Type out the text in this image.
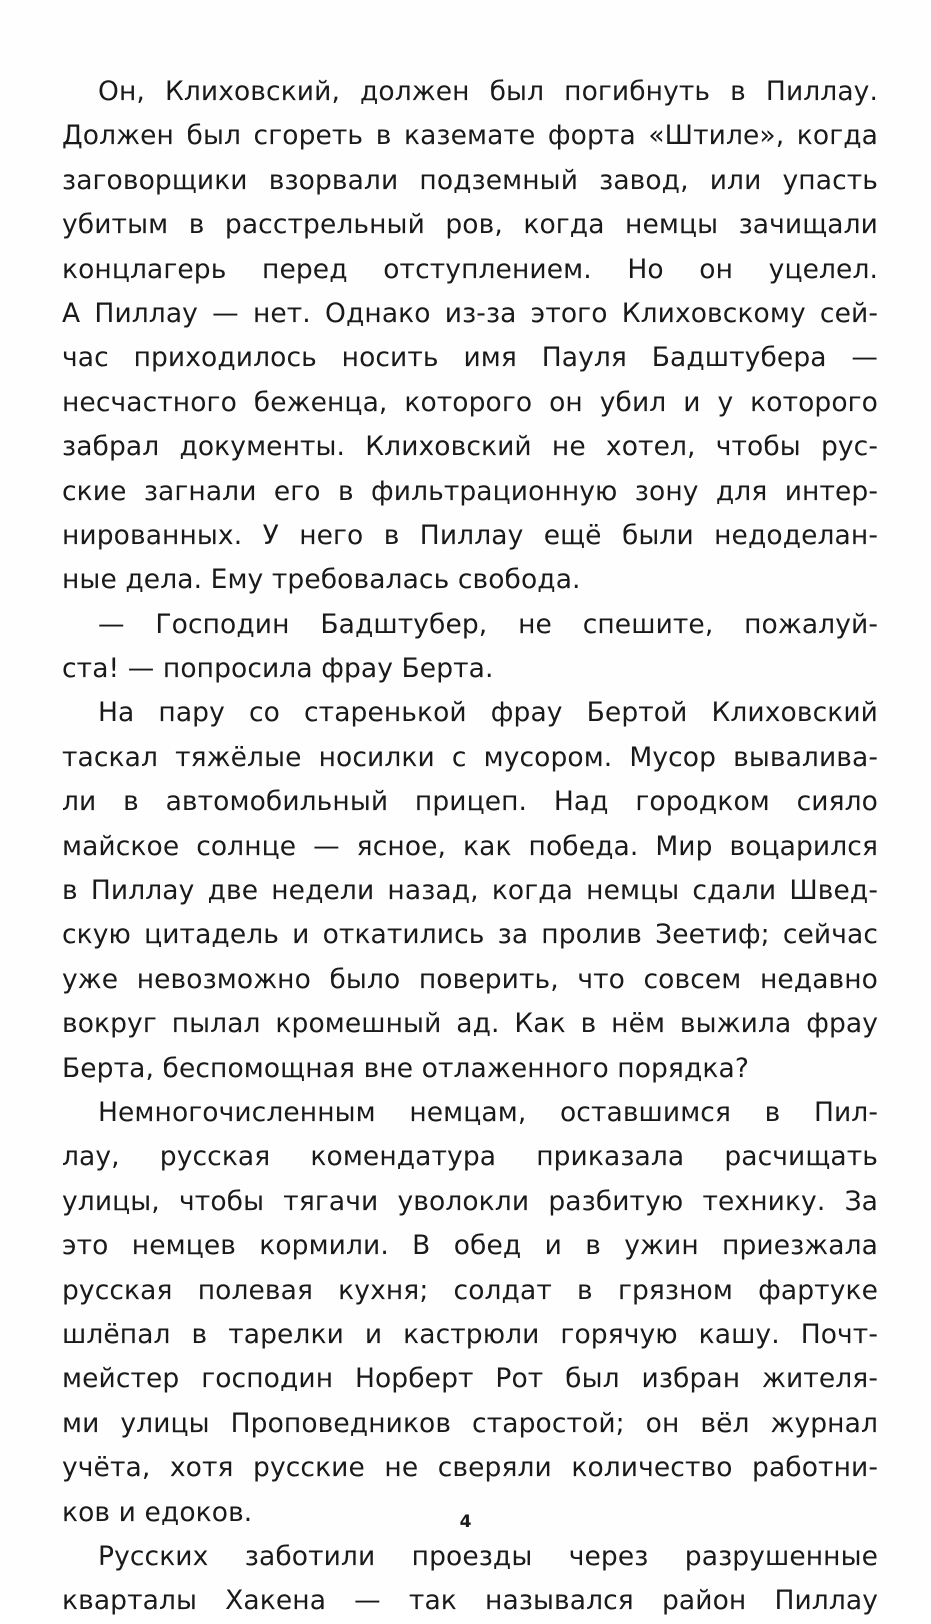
Он, Клиховский, должен был погибнуть в Пиллау.
Должен был сгореть в каземате форта «Штиле», когда
заговорщики взорвали подземный завод, или упасть
убитым в расстрельный ров, когда немцы зачищали
концлагерь перед отступлением. Но он уцелел.
А Пиллау — нет. Однако из-за этого Клиховскому сей-
час приходилось носить имя Пауля Бадштубера —
несчастного беженца, которого он убил и у которого
забрал документы. Клиховский не хотел, чтобы рус-
ские загнали его в фильтрационную зону для интер-
нированных. У него в Пиллау ещё были недоделан-
ные дела. Ему требовалась свобода.
— Господин Бадштубер, не спешите, пожалуй-
ста! — попросила фрау Берта.
На пару со старенькой фрау Бертой Клиховский
таскал тяжёлые носилки с мусором. Мусор вывалива-
ли в автомобильный прицеп. Над городком сияло
майское солнце — ясное, как победа. Мир воцарился
в Пиллау две недели назад, когда немцы сдали Швед-
скую цитадель и откатились за пролив Зеетиф; сейчас
уже невозможно было поверить, что совсем недавно
вокруг пылал кромешный ад. Как в нём выжила фрау
Берта, беспомощная вне отлаженного порядка?
Немногочисленным немцам, оставшимся в Пил-
лау, русская комендатура приказала расчищать
улицы, чтобы тягачи уволокли разбитую технику. За
это немцев кормили. В обед и в ужин приезжала
русская полевая кухня; солдат в грязном фартуке
шлёпал в тарелки и кастрюли горячую кашу. Почт-
мейстер господин Норберт Рот был избран жителя-
ми улицы Проповедников старостой; он вёл журнал
учёта, хотя русские не сверяли количество работни-
ков и едоков.
Русских заботили проезды через разрушенные
кварталы Хакена — так назывался район Пиллау
4
